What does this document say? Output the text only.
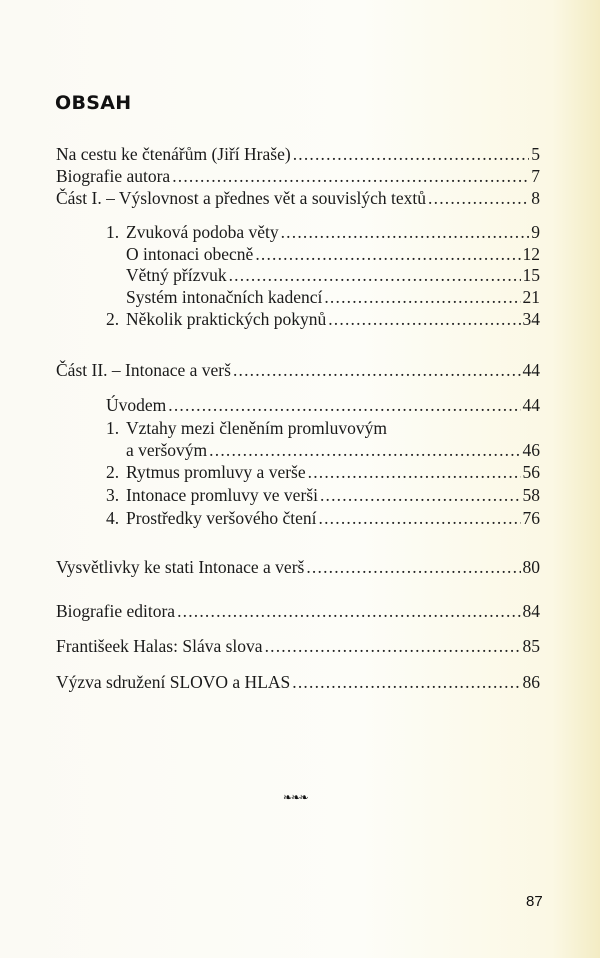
OBSAH
Na cestu ke čtenářům (Jiří Hraše) .....	5
Biografie autora .....	7
Část I. – Výslovnost a přednes vět a souvislých textů .....	8
1. Zvuková podoba věty .....	9
O intonaci obecně .....	12
Větný přízvuk .....	15
Systém intonačních kadencí .....	21
2. Několik praktických pokynů .....	34
Část II. – Intonace a verš .....	44
Úvodem .....	44
1. Vztahy mezi členěním promluvovým
a veršovým .....	46
2. Rytmus promluvy a verše .....	56
3. Intonace promluvy ve verši .....	58
4. Prostředky veršového čtení .....	76
Vysvětlivky ke stati Intonace a verš .....	80
Biografie editora .....	84
Františeek Halas: Sláva slova .....	85
Výzva sdružení SLOVO a HLAS .....	86
❧❧❧
87
